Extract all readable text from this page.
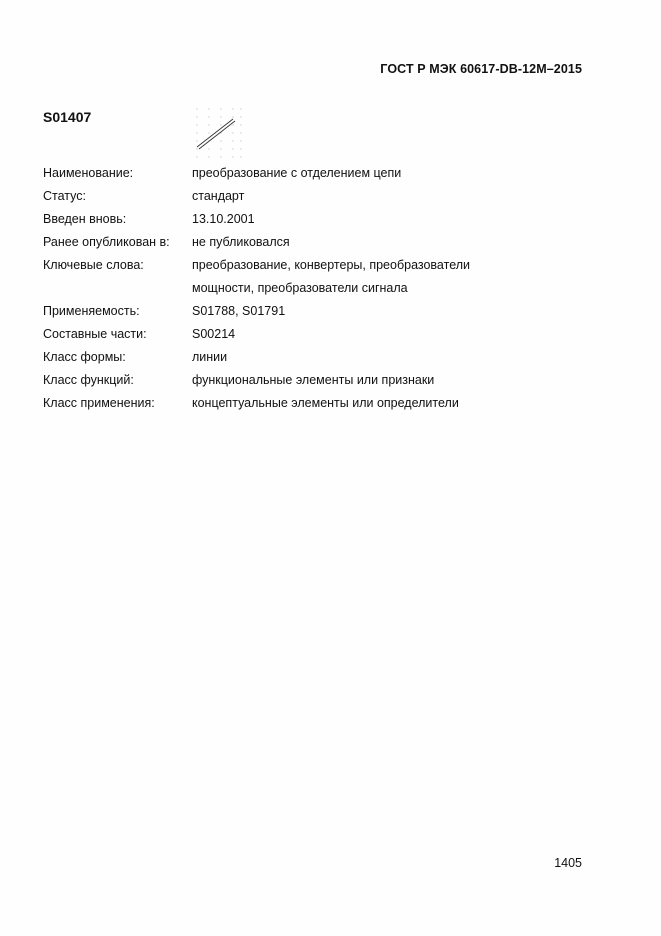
ГОСТ Р МЭК 60617-DB-12M–2015
S01407
Наименование:	преобразование с отделением цепи
Статус:	стандарт
Введен вновь:	13.10.2001
Ранее опубликован в:	не публиковался
Ключевые слова:	преобразование, конвертеры, преобразователи
мощности, преобразователи сигнала
Применяемость:	S01788, S01791
Составные части:	S00214
Класс формы:	линии
Класс функций:	функциональные элементы или признаки
Класс применения:	концептуальные элементы или определители
1405
